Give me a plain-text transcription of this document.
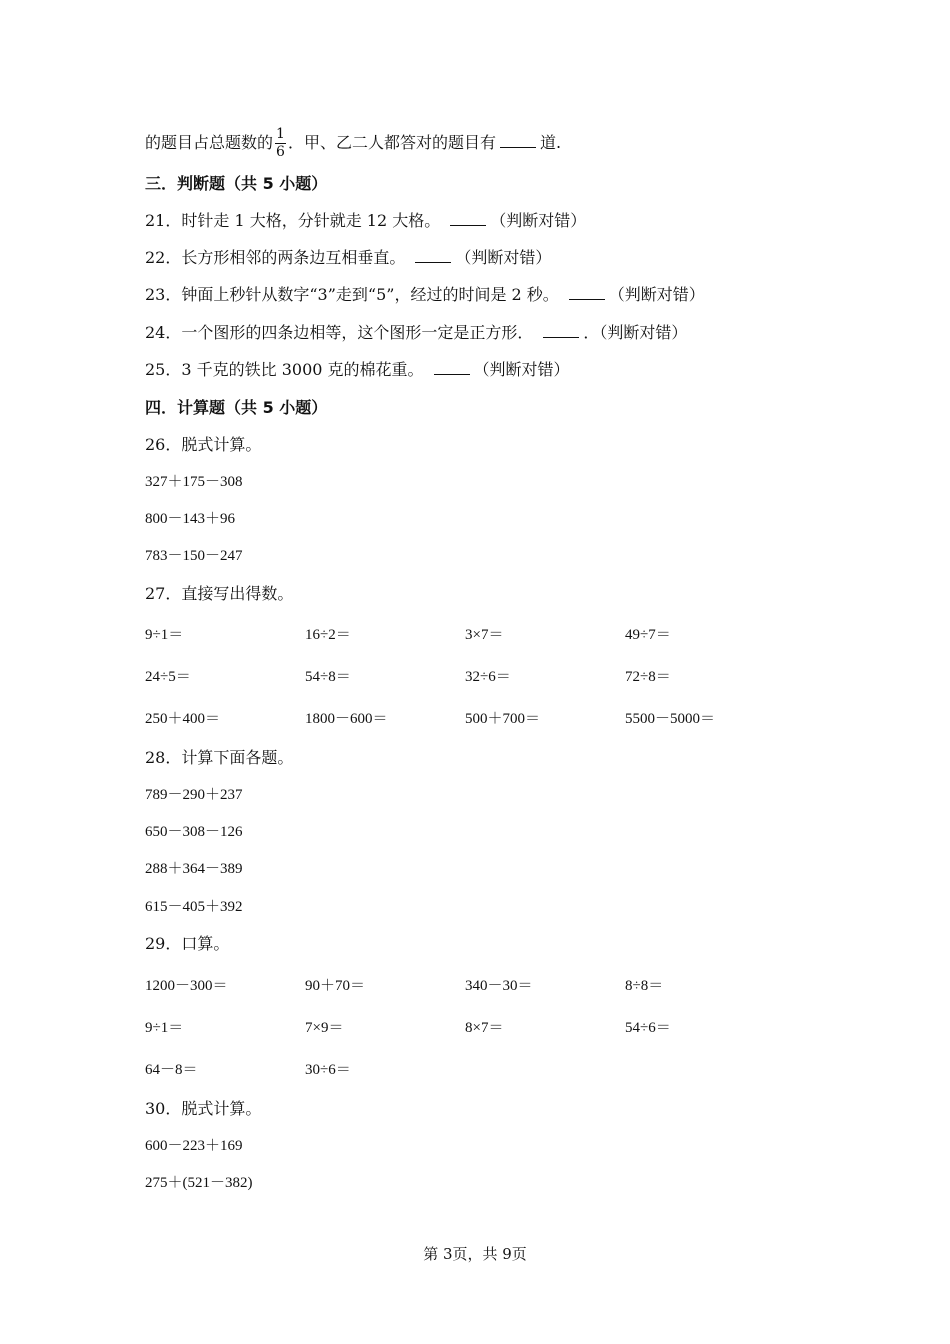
的题目占总题数的 $\frac{1}{6}$ ．甲、乙二人都答对的题目有	道.
三．判断题（共 5 小题）
21．时针走 1 大格，分针就走 12 大格。	（判断对错）
22．长方形相邻的两条边互相垂直。	（判断对错）
23．钟面上秒针从数字“3”走到“5”，经过的时间是 2 秒。	（判断对错）
24．一个图形的四条边相等，这个图形一定是正方形．	．（判断对错）
25．3 千克的铁比 3000 克的棉花重。	（判断对错）
四．计算题（共 5 小题）
26．脱式计算。
327＋175－308
800－143＋96
783－150－247
27．直接写出得数。
9÷1＝	16÷2＝	3×7＝	49÷7＝
24÷5＝	54÷8＝	32÷6＝	72÷8＝
250＋400＝	1800－600＝	500＋700＝	5500－5000＝
28．计算下面各题。
789－290＋237
650－308－126
288＋364－389
615－405＋392
29．口算。
1200－300＝	90＋70＝	340－30＝	8÷8＝
9÷1＝	7×9＝	8×7＝	54÷6＝
64－8＝	30÷6＝
30．脱式计算。
600－223＋169
275＋(521－382)
第 3页，共 9页
